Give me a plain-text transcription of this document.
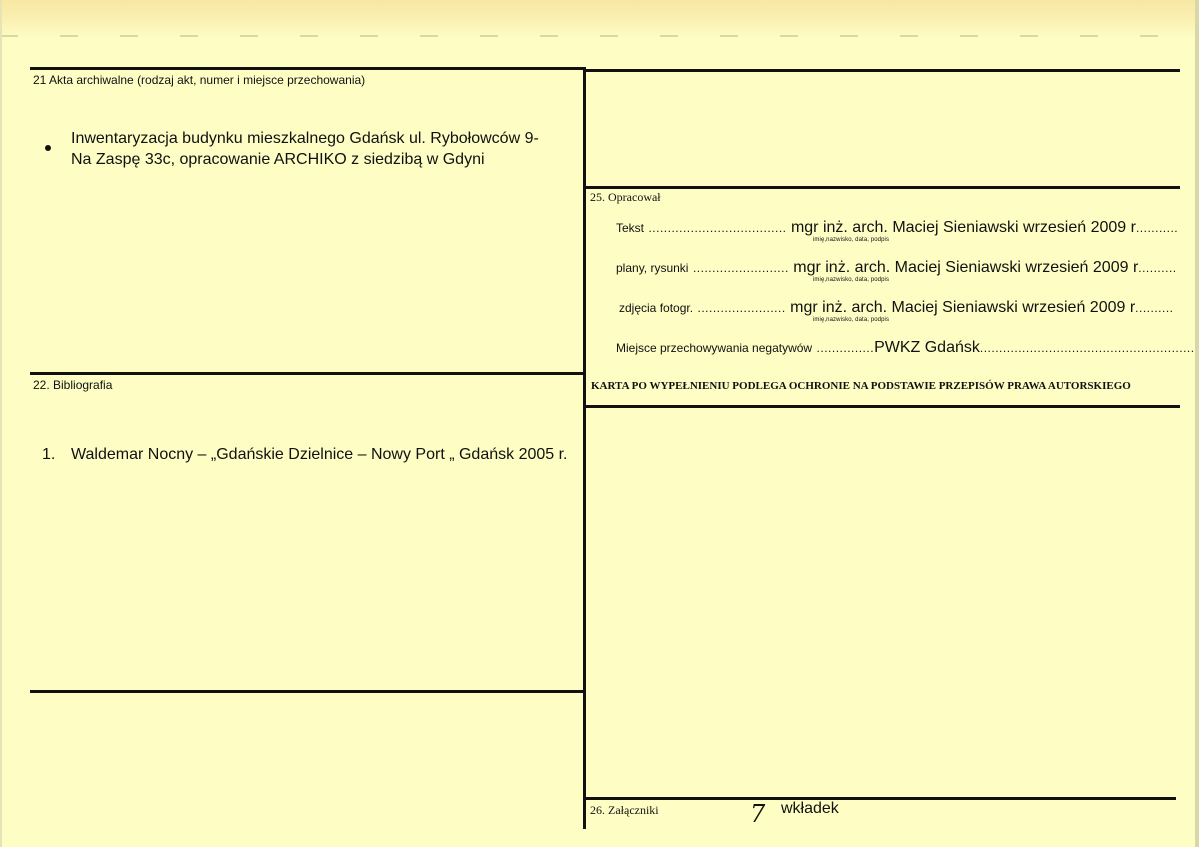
21 Akta archiwalne (rodzaj akt, numer i miejsce przechowania)
Inwentaryzacja budynku mieszkalnego Gdańsk ul. Rybołowców 9-
Na Zaspę 33c, opracowanie ARCHIKO z siedzibą w Gdyni
22. Bibliografia
1. Waldemar Nocny – „Gdańskie Dzielnice – Nowy Port „ Gdańsk 2005 r.
25. Opracował
Tekst .................................... mgr inż. arch. Maciej Sieniawski wrzesień 2009 r...........
imię,nazwisko, data, podpis
plany, rysunki ......................... mgr inż. arch. Maciej Sieniawski wrzesień 2009 r..........
imię,nazwisko, data, podpis
zdjęcia fotogr. ....................... mgr inż. arch. Maciej Sieniawski wrzesień 2009 r..........
imię,nazwisko, data, podpis
Miejsce przechowywania negatywów ...............PWKZ Gdańsk........................................................
KARTA PO WYPEŁNIENIU PODLEGA OCHRONIE NA PODSTAWIE PRZEPISÓW PRAWA AUTORSKIEGO
26. Załączniki	7 wkładek
